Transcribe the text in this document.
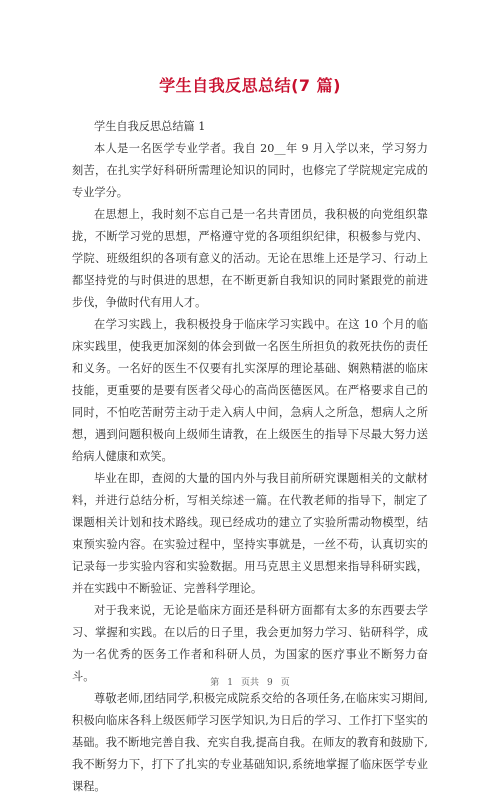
学生自我反思总结(7 篇)

学生自我反思总结篇 1

本人是一名医学专业学者。我自 20__年 9 月入学以来，学习努力刻苦，在扎实学好科研所需理论知识的同时，也修完了学院规定完成的专业学分。

在思想上，我时刻不忘自己是一名共青团员，我积极的向党组织靠拢，不断学习党的思想，严格遵守党的各项组织纪律，积极参与党内、学院、班级组织的各项有意义的活动。无论在思维上还是学习、行动上都坚持党的与时俱进的思想，在不断更新自我知识的同时紧跟党的前进步伐，争做时代有用人才。

在学习实践上，我积极投身于临床学习实践中。在这 10 个月的临床实践里，使我更加深刻的体会到做一名医生所担负的救死扶伤的责任和义务。一名好的医生不仅要有扎实深厚的理论基础、娴熟精湛的临床技能，更重要的是要有医者父母心的高尚医德医风。在严格要求自己的同时，不怕吃苦耐劳主动于走入病人中间，急病人之所急，想病人之所想，遇到问题积极向上级师生请教，在上级医生的指导下尽最大努力送给病人健康和欢笑。

毕业在即，查阅的大量的国内外与我目前所研究课题相关的文献材料，并进行总结分析，写相关综述一篇。在代教老师的指导下，制定了课题相关计划和技术路线。现已经成功的建立了实验所需动物模型，结束预实验内容。在实验过程中，坚持实事就是，一丝不苟，认真切实的记录每一步实验内容和实验数据。用马克思主义思想来指导科研实践，并在实践中不断验证、完善科学理论。

对于我来说，无论是临床方面还是科研方面都有太多的东西要去学习、掌握和实践。在以后的日子里，我会更加努力学习、钻研科学，成为一名优秀的医务工作者和科研人员，为国家的医疗事业不断努力奋斗。

尊敬老师,团结同学,积极完成院系交给的各项任务,在临床实习期间,积极向临床各科上级医师学习医学知识,为日后的学习、工作打下坚实的基础。我不断地完善自我、充实自我,提高自我。在师友的教育和鼓励下,我不断努力下，打下了扎实的专业基础知识,系统地掌握了临床医学专业课程。

第 1 页共 9 页
